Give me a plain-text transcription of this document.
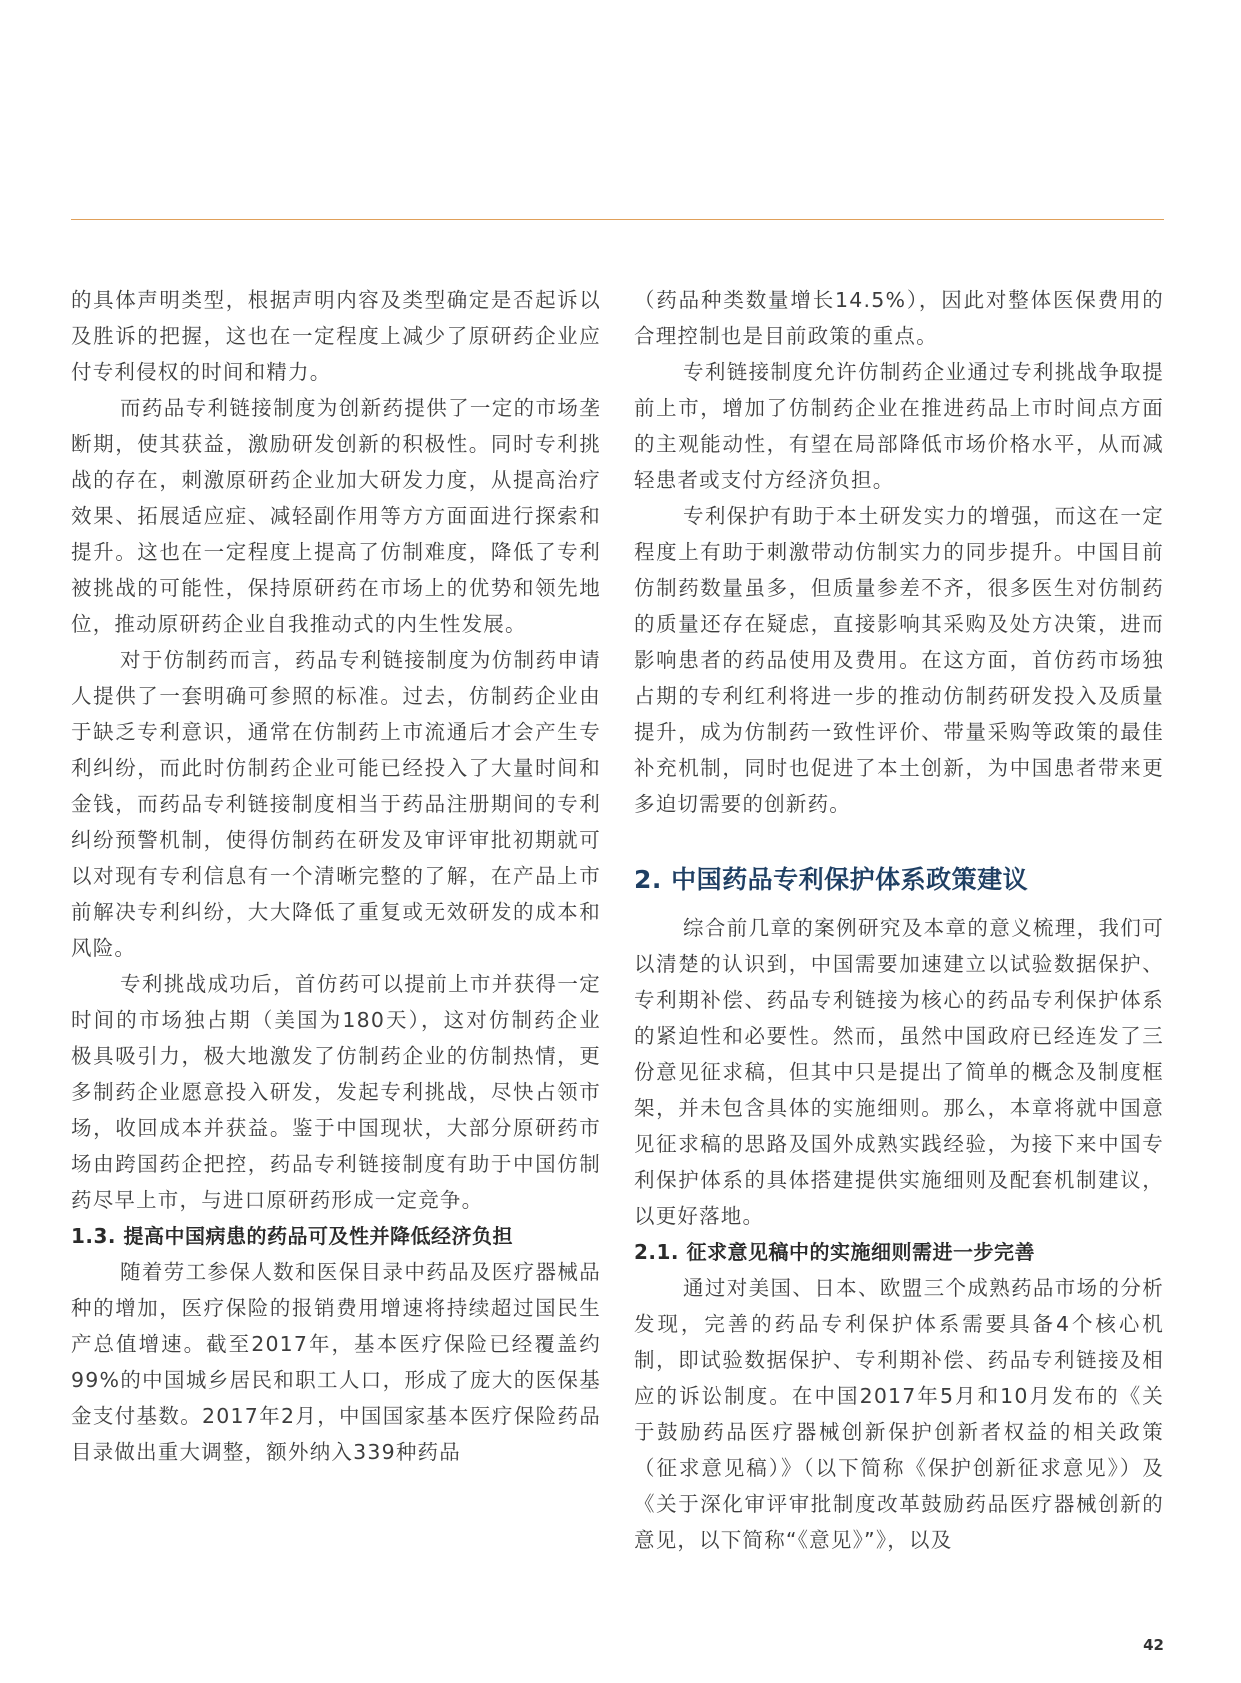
的具体声明类型，根据声明内容及类型确定是否起诉以及胜诉的把握，这也在一定程度上减少了原研药企业应付专利侵权的时间和精力。

而药品专利链接制度为创新药提供了一定的市场垄断期，使其获益，激励研发创新的积极性。同时专利挑战的存在，刺激原研药企业加大研发力度，从提高治疗效果、拓展适应症、减轻副作用等方方面面进行探索和提升。这也在一定程度上提高了仿制难度，降低了专利被挑战的可能性，保持原研药在市场上的优势和领先地位，推动原研药企业自我推动式的内生性发展。

对于仿制药而言，药品专利链接制度为仿制药申请人提供了一套明确可参照的标准。过去，仿制药企业由于缺乏专利意识，通常在仿制药上市流通后才会产生专利纠纷，而此时仿制药企业可能已经投入了大量时间和金钱，而药品专利链接制度相当于药品注册期间的专利纠纷预警机制，使得仿制药在研发及审评审批初期就可以对现有专利信息有一个清晰完整的了解，在产品上市前解决专利纠纷，大大降低了重复或无效研发的成本和风险。

专利挑战成功后，首仿药可以提前上市并获得一定时间的市场独占期（美国为180天），这对仿制药企业极具吸引力，极大地激发了仿制药企业的仿制热情，更多制药企业愿意投入研发，发起专利挑战，尽快占领市场，收回成本并获益。鉴于中国现状，大部分原研药市场由跨国药企把控，药品专利链接制度有助于中国仿制药尽早上市，与进口原研药形成一定竞争。

1.3. 提高中国病患的药品可及性并降低经济负担

随着劳工参保人数和医保目录中药品及医疗器械品种的增加，医疗保险的报销费用增速将持续超过国民生产总值增速。截至2017年，基本医疗保险已经覆盖约99%的中国城乡居民和职工人口，形成了庞大的医保基金支付基数。2017年2月，中国国家基本医疗保险药品目录做出重大调整，额外纳入339种药品

（药品种类数量增长14.5%），因此对整体医保费用的合理控制也是目前政策的重点。

专利链接制度允许仿制药企业通过专利挑战争取提前上市，增加了仿制药企业在推进药品上市时间点方面的主观能动性，有望在局部降低市场价格水平，从而减轻患者或支付方经济负担。

专利保护有助于本土研发实力的增强，而这在一定程度上有助于刺激带动仿制实力的同步提升。中国目前仿制药数量虽多，但质量参差不齐，很多医生对仿制药的质量还存在疑虑，直接影响其采购及处方决策，进而影响患者的药品使用及费用。在这方面，首仿药市场独占期的专利红利将进一步的推动仿制药研发投入及质量提升，成为仿制药一致性评价、带量采购等政策的最佳补充机制，同时也促进了本土创新，为中国患者带来更多迫切需要的创新药。

2. 中国药品专利保护体系政策建议

综合前几章的案例研究及本章的意义梳理，我们可以清楚的认识到，中国需要加速建立以试验数据保护、专利期补偿、药品专利链接为核心的药品专利保护体系的紧迫性和必要性。然而，虽然中国政府已经连发了三份意见征求稿，但其中只是提出了简单的概念及制度框架，并未包含具体的实施细则。那么，本章将就中国意见征求稿的思路及国外成熟实践经验，为接下来中国专利保护体系的具体搭建提供实施细则及配套机制建议，以更好落地。

2.1. 征求意见稿中的实施细则需进一步完善

通过对美国、日本、欧盟三个成熟药品市场的分析发现，完善的药品专利保护体系需要具备4个核心机制，即试验数据保护、专利期补偿、药品专利链接及相应的诉讼制度。在中国2017年5月和10月发布的《关于鼓励药品医疗器械创新保护创新者权益的相关政策（征求意见稿）》（以下简称《保护创新征求意见》）及《关于深化审评审批制度改革鼓励药品医疗器械创新的意见，以下简称“《意见》”》，以及

42
